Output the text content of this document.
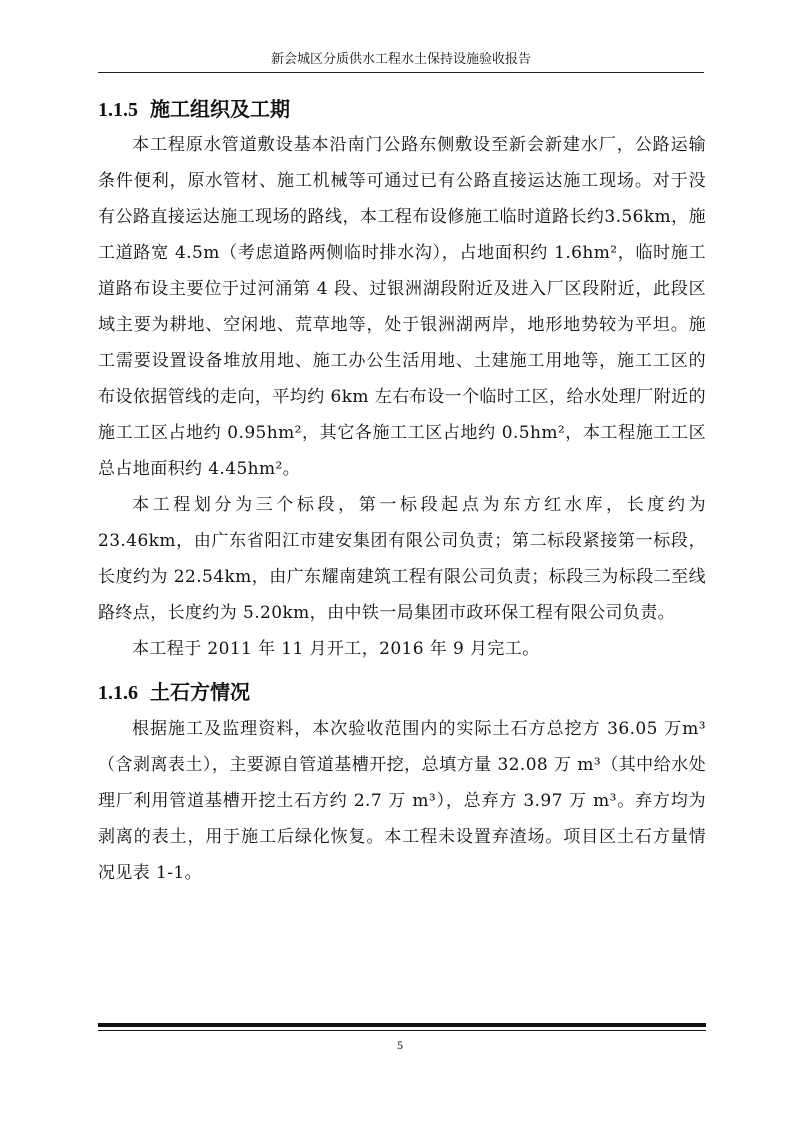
新会城区分质供水工程水土保持设施验收报告
1.1.5 施工组织及工期

本工程原水管道敷设基本沿南门公路东侧敷设至新会新建水厂，公路运输条件便利，原水管材、施工机械等可通过已有公路直接运达施工现场。对于没有公路直接运达施工现场的路线，本工程布设修施工临时道路长约3.56km，施工道路宽 4.5m（考虑道路两侧临时排水沟），占地面积约 1.6hm²，临时施工道路布设主要位于过河涌第 4 段、过银洲湖段附近及进入厂区段附近，此段区域主要为耕地、空闲地、荒草地等，处于银洲湖两岸，地形地势较为平坦。施工需要设置设备堆放用地、施工办公生活用地、土建施工用地等，施工工区的布设依据管线的走向，平均约 6km 左右布设一个临时工区，给水处理厂附近的施工工区占地约 0.95hm²，其它各施工工区占地约 0.5hm²，本工程施工工区总占地面积约 4.45hm²。

本工程划分为三个标段，第一标段起点为东方红水库，长度约为23.46km，由广东省阳江市建安集团有限公司负责；第二标段紧接第一标段，长度约为 22.54km，由广东耀南建筑工程有限公司负责；标段三为标段二至线路终点，长度约为 5.20km，由中铁一局集团市政环保工程有限公司负责。

本工程于 2011 年 11 月开工，2016 年 9 月完工。

1.1.6 土石方情况

根据施工及监理资料，本次验收范围内的实际土石方总挖方 36.05 万m³（含剥离表土），主要源自管道基槽开挖，总填方量 32.08 万 m³（其中给水处理厂利用管道基槽开挖土石方约 2.7 万 m³），总弃方 3.97 万 m³。弃方均为剥离的表土，用于施工后绿化恢复。本工程未设置弃渣场。项目区土石方量情况见表 1-1。

5
